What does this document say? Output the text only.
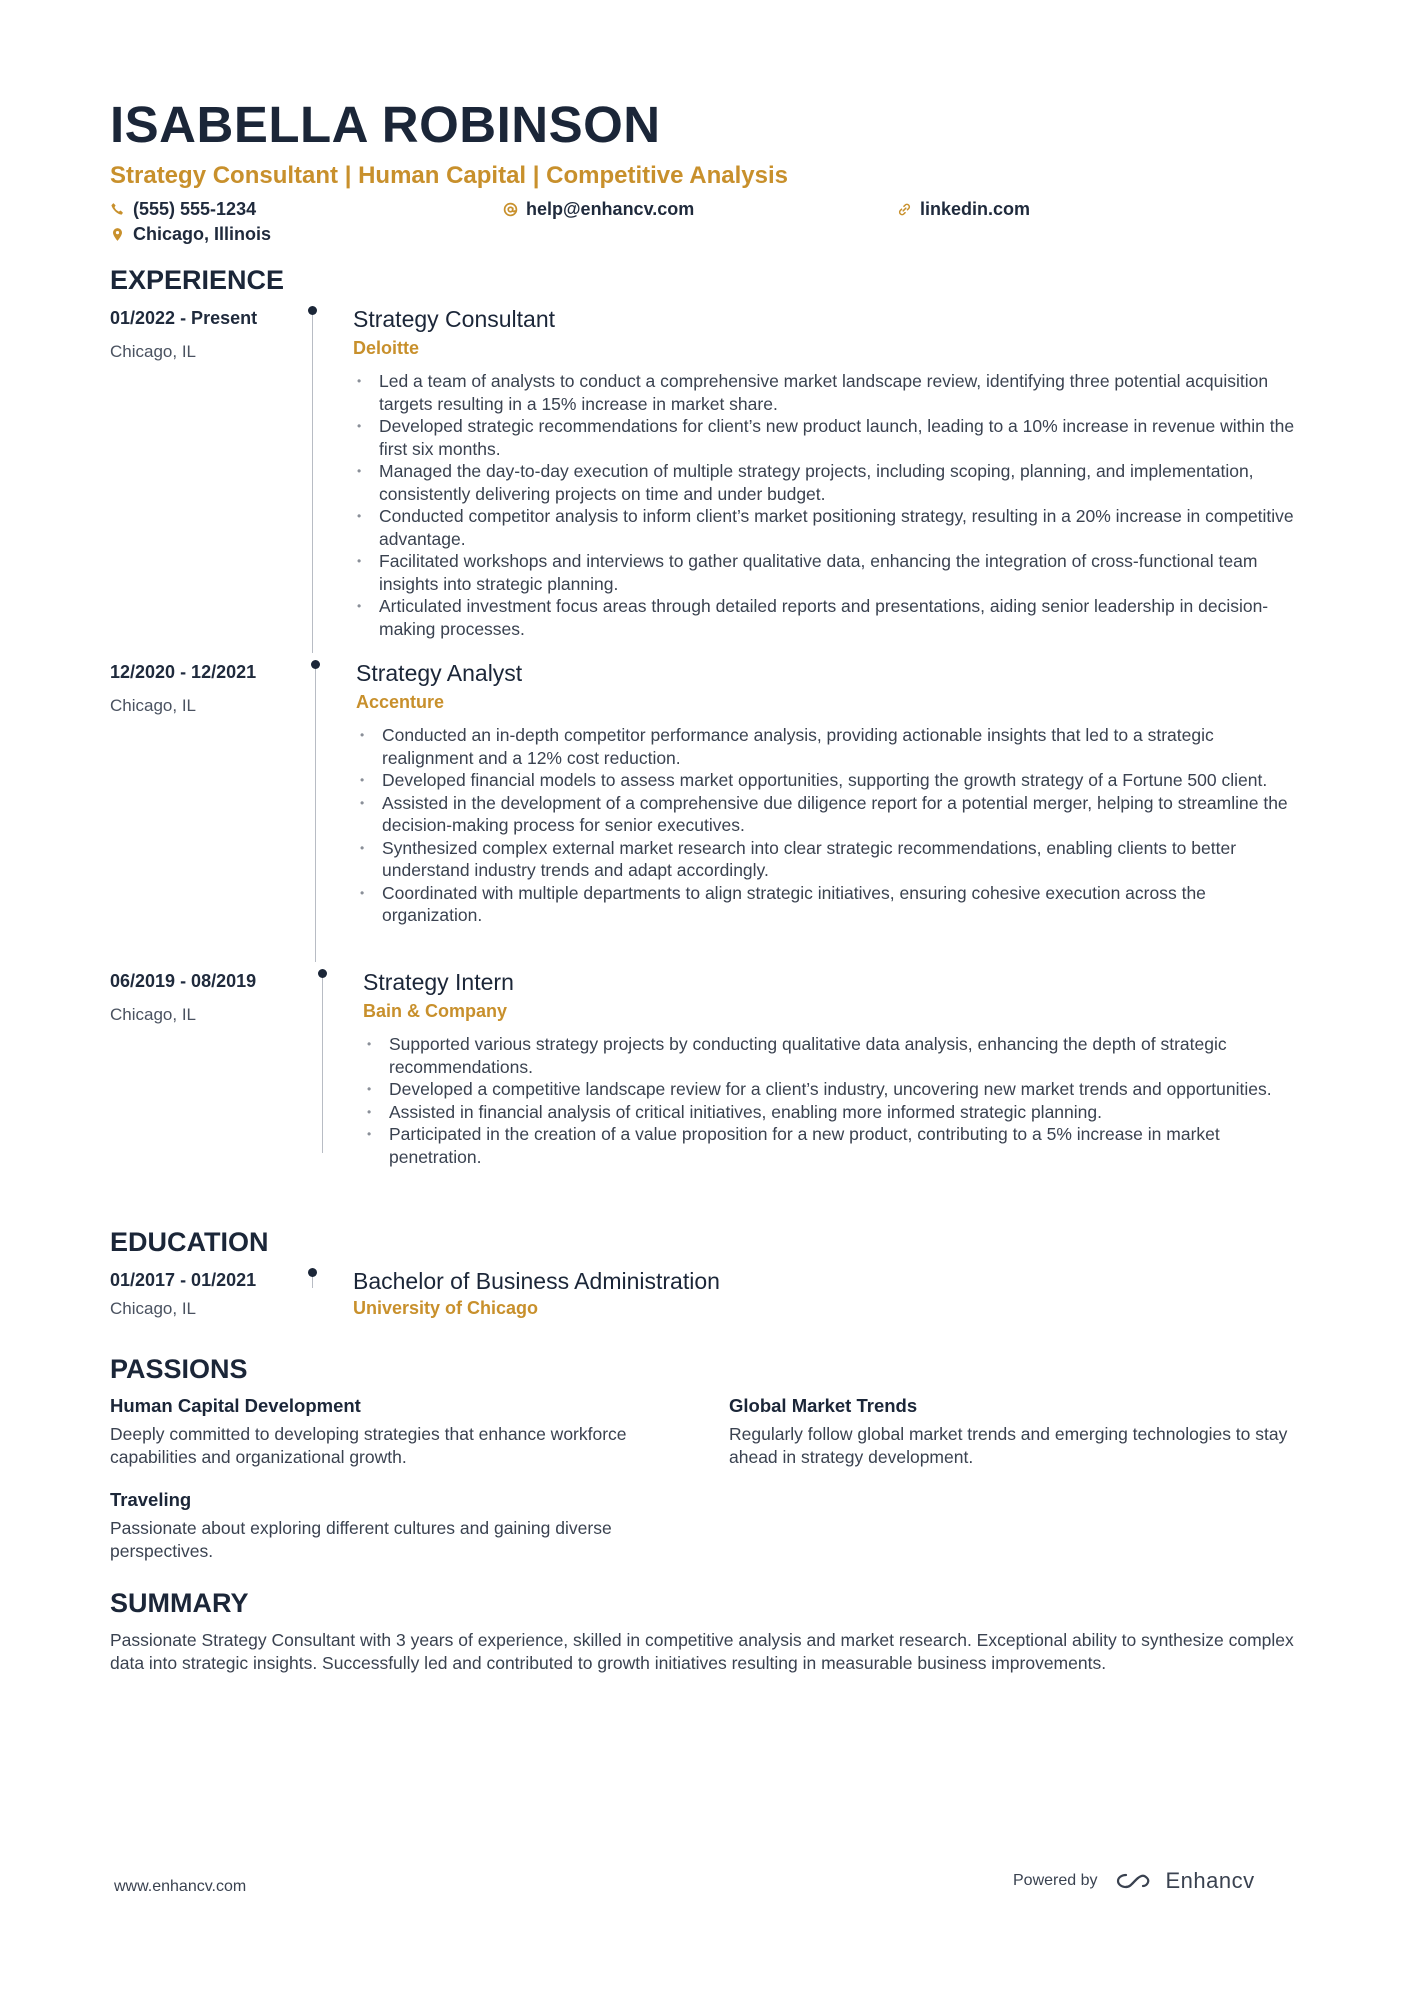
ISABELLA ROBINSON
Strategy Consultant | Human Capital | Competitive Analysis
(555) 555-1234	help@enhancv.com	linkedin.com
Chicago, Illinois
EXPERIENCE
01/2022 - Present
Chicago, IL
Strategy Consultant
Deloitte
• Led a team of analysts to conduct a comprehensive market landscape review, identifying three potential acquisition targets resulting in a 15% increase in market share.
• Developed strategic recommendations for client’s new product launch, leading to a 10% increase in revenue within the first six months.
• Managed the day-to-day execution of multiple strategy projects, including scoping, planning, and implementation, consistently delivering projects on time and under budget.
• Conducted competitor analysis to inform client’s market positioning strategy, resulting in a 20% increase in competitive advantage.
• Facilitated workshops and interviews to gather qualitative data, enhancing the integration of cross-functional team insights into strategic planning.
• Articulated investment focus areas through detailed reports and presentations, aiding senior leadership in decision-making processes.
12/2020 - 12/2021
Chicago, IL
Strategy Analyst
Accenture
• Conducted an in-depth competitor performance analysis, providing actionable insights that led to a strategic realignment and a 12% cost reduction.
• Developed financial models to assess market opportunities, supporting the growth strategy of a Fortune 500 client.
• Assisted in the development of a comprehensive due diligence report for a potential merger, helping to streamline the decision-making process for senior executives.
• Synthesized complex external market research into clear strategic recommendations, enabling clients to better understand industry trends and adapt accordingly.
• Coordinated with multiple departments to align strategic initiatives, ensuring cohesive execution across the organization.
06/2019 - 08/2019
Chicago, IL
Strategy Intern
Bain & Company
• Supported various strategy projects by conducting qualitative data analysis, enhancing the depth of strategic recommendations.
• Developed a competitive landscape review for a client’s industry, uncovering new market trends and opportunities.
• Assisted in financial analysis of critical initiatives, enabling more informed strategic planning.
• Participated in the creation of a value proposition for a new product, contributing to a 5% increase in market penetration.
EDUCATION
01/2017 - 01/2021
Chicago, IL
Bachelor of Business Administration
University of Chicago
PASSIONS
Human Capital Development
Deeply committed to developing strategies that enhance workforce capabilities and organizational growth.
Global Market Trends
Regularly follow global market trends and emerging technologies to stay ahead in strategy development.
Traveling
Passionate about exploring different cultures and gaining diverse perspectives.
SUMMARY

Passionate Strategy Consultant with 3 years of experience, skilled in competitive analysis and market research. Exceptional ability to synthesize complex data into strategic insights. Successfully led and contributed to growth initiatives resulting in measurable business improvements.

www.enhancv.com	Powered by	Enhancv
